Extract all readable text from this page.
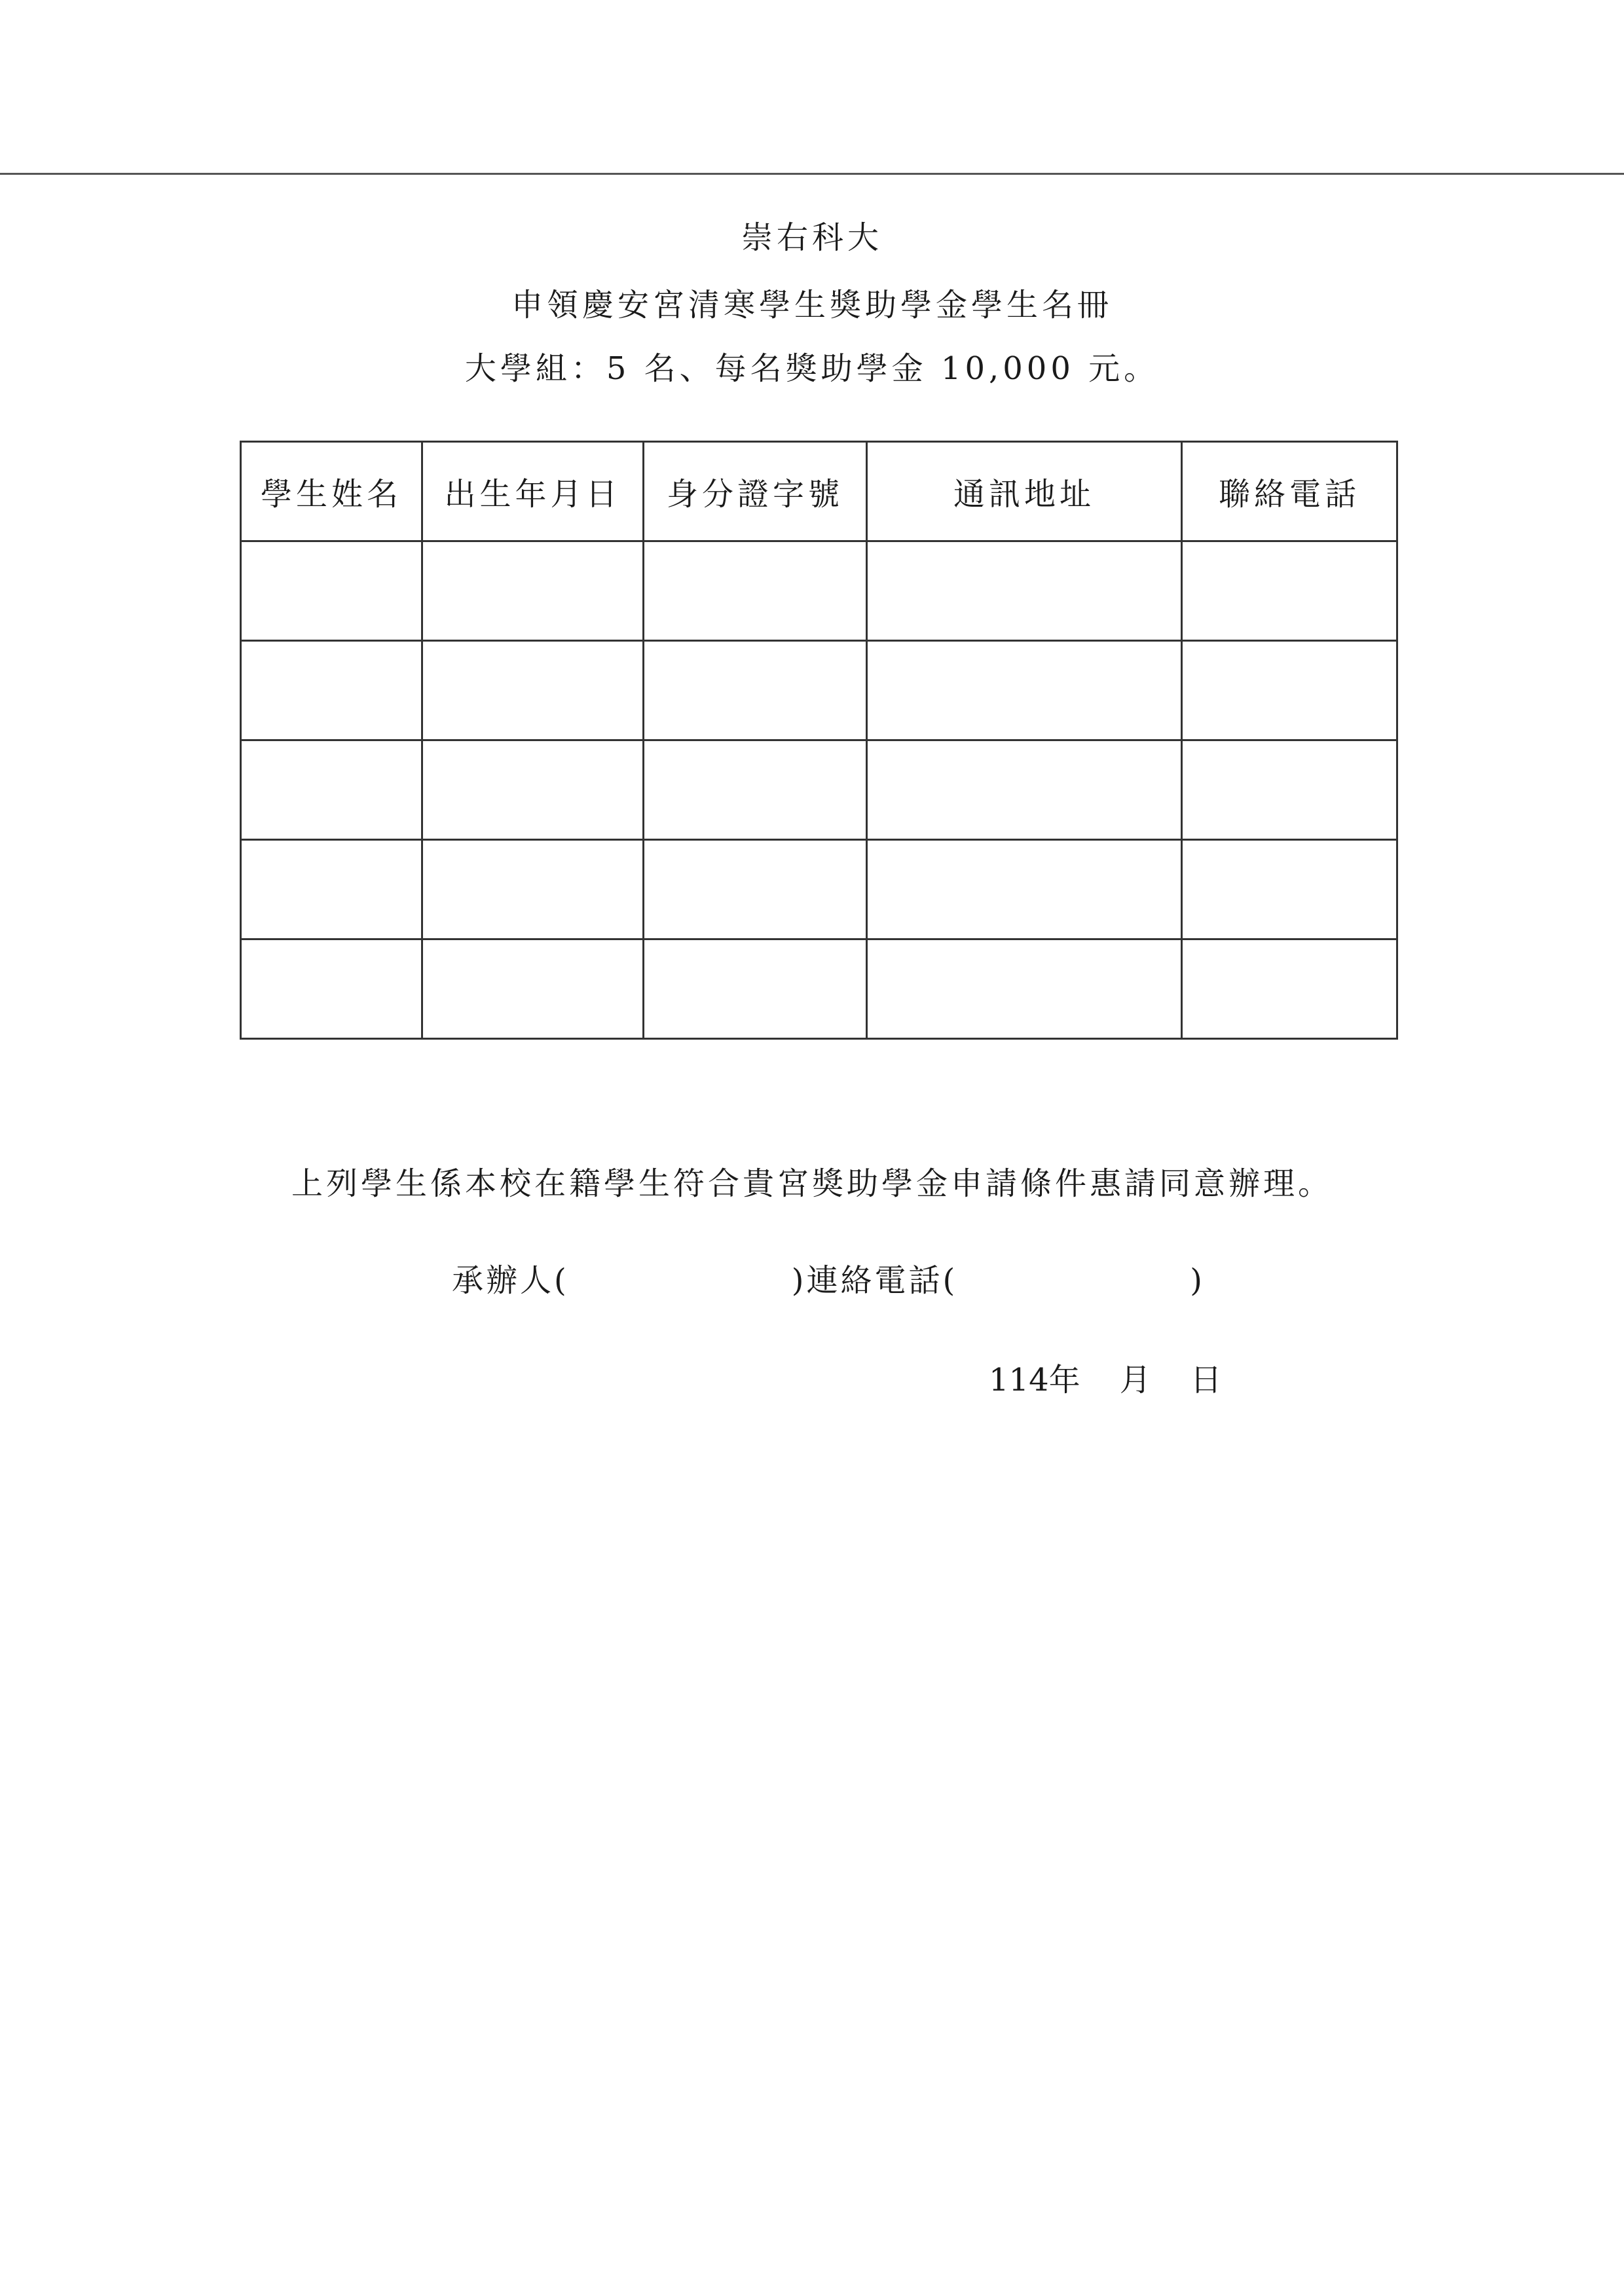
崇右科大
申領慶安宮清寒學生獎助學金學生名冊
大學組：5 名、每名獎助學金 10,000 元。
學生姓名	出生年月日	身分證字號	通訊地址	聯絡電話

上列學生係本校在籍學生符合貴宮獎助學金申請條件惠請同意辦理。
承辦人(	)連絡電話(	)
114年 月 日
